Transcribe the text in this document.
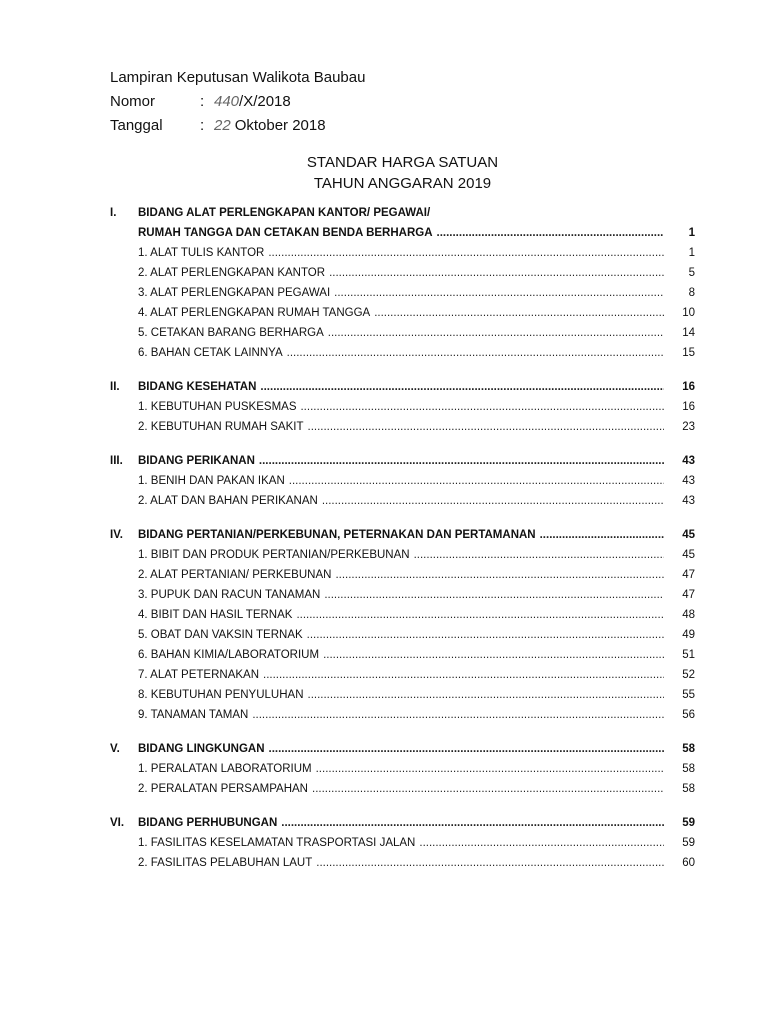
Lampiran Keputusan Walikota Baubau
Nomor	: 440 /X/2018
Tanggal	: 22 Oktober 2018
STANDAR HARGA SATUAN
TAHUN ANGGARAN 2019
I. BIDANG ALAT PERLENGKAPAN KANTOR/ PEGAWAI/
RUMAH TANGGA DAN CETAKAN BENDA BERHARGA .....	1
1. ALAT TULIS KANTOR .....	1
2. ALAT PERLENGKAPAN KANTOR .....	5
3. ALAT PERLENGKAPAN PEGAWAI .....	8
4. ALAT PERLENGKAPAN RUMAH TANGGA .....	10
5. CETAKAN BARANG BERHARGA .....	14
6. BAHAN CETAK LAINNYA .....	15
II. BIDANG KESEHATAN .....	16
1. KEBUTUHAN PUSKESMAS .....	16
2. KEBUTUHAN RUMAH SAKIT .....	23
III. BIDANG PERIKANAN .....	43
1. BENIH DAN PAKAN IKAN .....	43
2. ALAT DAN BAHAN PERIKANAN .....	43
IV. BIDANG PERTANIAN/PERKEBUNAN, PETERNAKAN DAN PERTAMANAN .....	45
1. BIBIT DAN PRODUK PERTANIAN/PERKEBUNAN .....	45
2. ALAT PERTANIAN/ PERKEBUNAN .....	47
3. PUPUK DAN RACUN TANAMAN .....	47
4. BIBIT DAN HASIL TERNAK .....	48
5. OBAT DAN VAKSIN TERNAK .....	49
6. BAHAN KIMIA/LABORATORIUM .....	51
7. ALAT PETERNAKAN .....	52
8. KEBUTUHAN PENYULUHAN .....	55
9. TANAMAN TAMAN .....	56
V. BIDANG LINGKUNGAN .....	58
1. PERALATAN LABORATORIUM .....	58
2. PERALATAN PERSAMPAHAN .....	58
VI. BIDANG PERHUBUNGAN .....	59
1. FASILITAS KESELAMATAN TRASPORTASI JALAN .....	59
2. FASILITAS PELABUHAN LAUT .....	60
